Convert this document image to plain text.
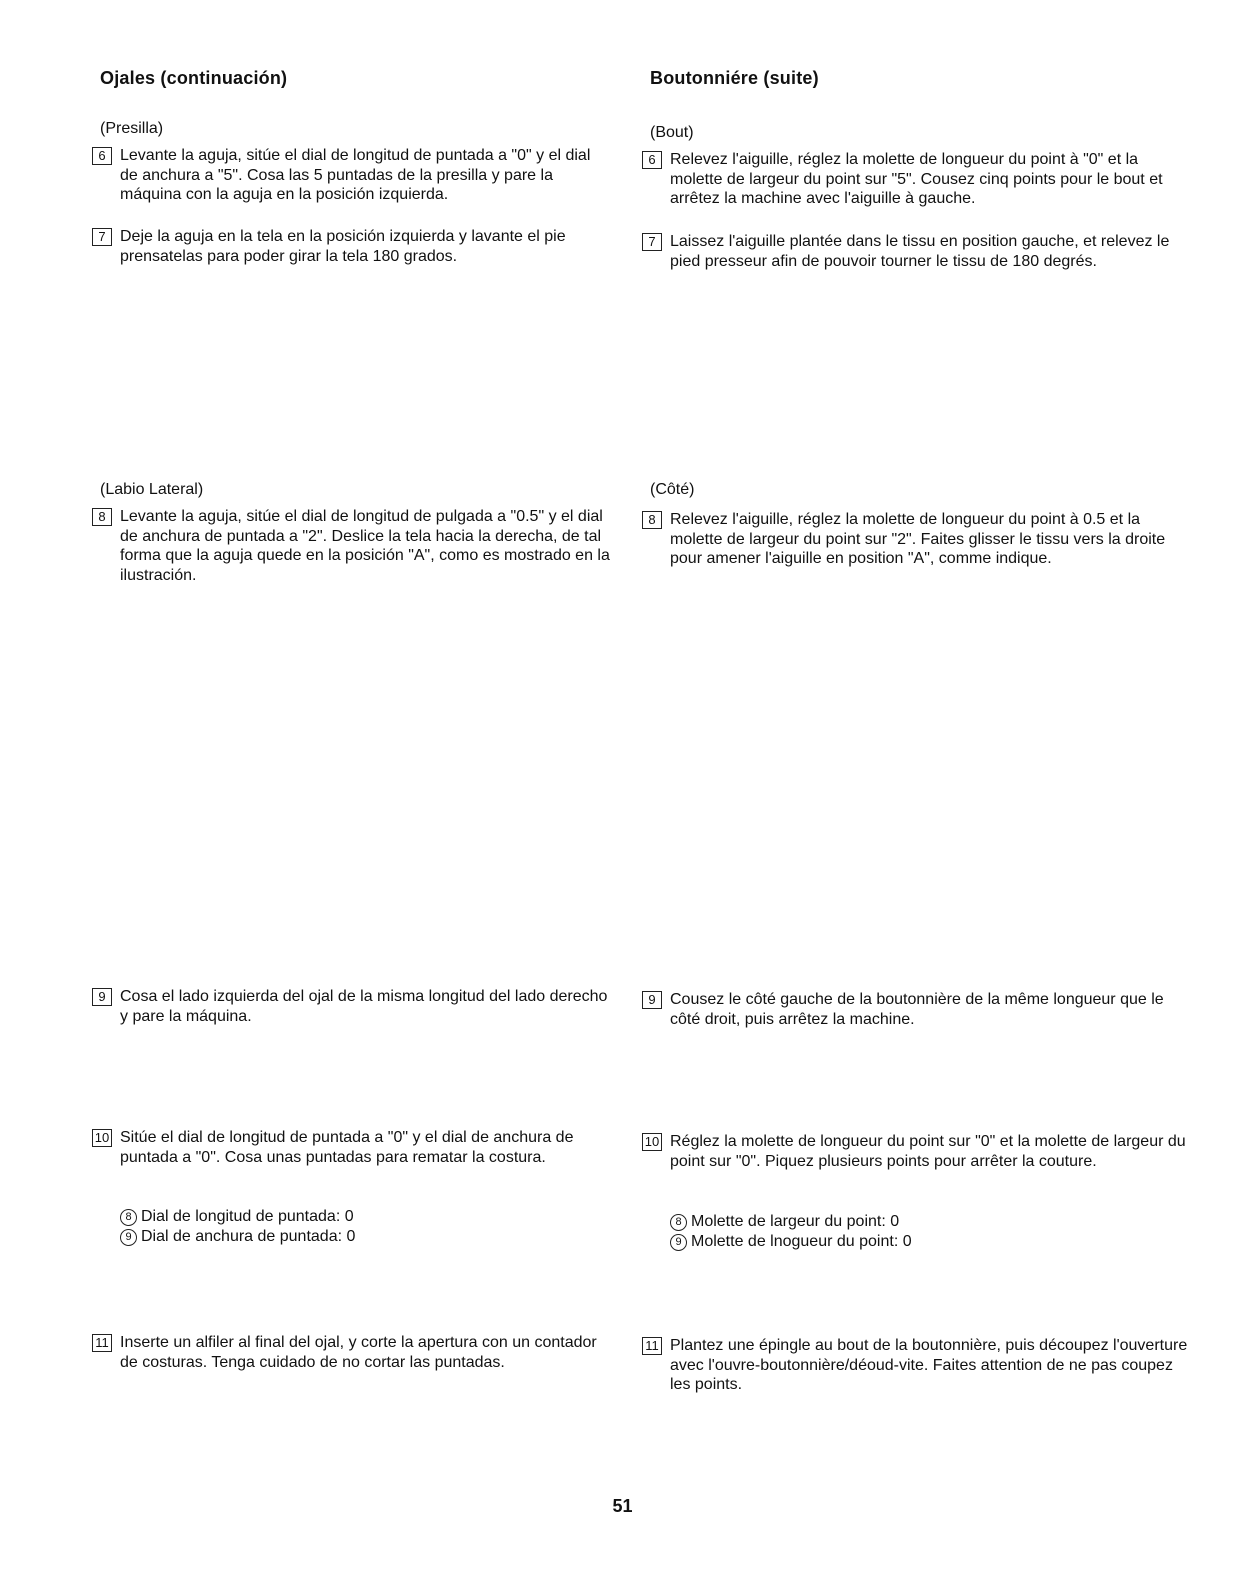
Ojales (continuación)
(Presilla)
6 Levante la aguja, sitúe el dial de longitud de puntada a "0" y el dial de anchura a "5". Cosa las 5 puntadas de la presilla y pare la máquina con la aguja en la posición izquierda.
7 Deje la aguja en la tela en la posición izquierda y lavante el pie prensatelas para poder girar la tela 180 grados.
(Labio Lateral)
8 Levante la aguja, sitúe el dial de longitud de pulgada a "0.5" y el dial de anchura de puntada a "2". Deslice la tela hacia la derecha, de tal forma que la aguja quede en la posición "A", como es mostrado en la ilustración.
9 Cosa el lado izquierda del ojal de la misma longitud del lado derecho y pare la máquina.
10 Sitúe el dial de longitud de puntada a "0" y el dial de anchura de puntada a "0". Cosa unas puntadas para rematar la costura.
8 Dial de longitud de puntada: 0
9 Dial de anchura de puntada: 0
11 Inserte un alfiler al final del ojal, y corte la apertura con un contador de costuras. Tenga cuidado de no cortar las puntadas.
Boutonniére (suite)
(Bout)
6 Relevez l'aiguille, réglez la molette de longueur du point à "0" et la molette de largeur du point sur "5". Cousez cinq points pour le bout et arrêtez la machine avec l'aiguille à gauche.
7 Laissez l'aiguille plantée dans le tissu en position gauche, et relevez le pied presseur afin de pouvoir tourner le tissu de 180 degrés.
(Côté)
8 Relevez l'aiguille, réglez la molette de longueur du point à 0.5 et la molette de largeur du point sur "2". Faites glisser le tissu vers la droite pour amener l'aiguille en position "A", comme indique.
9 Cousez le côté gauche de la boutonnière de la même longueur que le côté droit, puis arrêtez la machine.
10 Réglez la molette de longueur du point sur "0" et la molette de largeur du point sur "0". Piquez plusieurs points pour arrêter la couture.
8 Molette de largeur du point: 0
9 Molette de lnogueur du point: 0
11 Plantez une épingle au bout de la boutonnière, puis découpez l'ouverture avec l'ouvre-boutonnière/déoud-vite. Faites attention de ne pas coupez les points.
51
